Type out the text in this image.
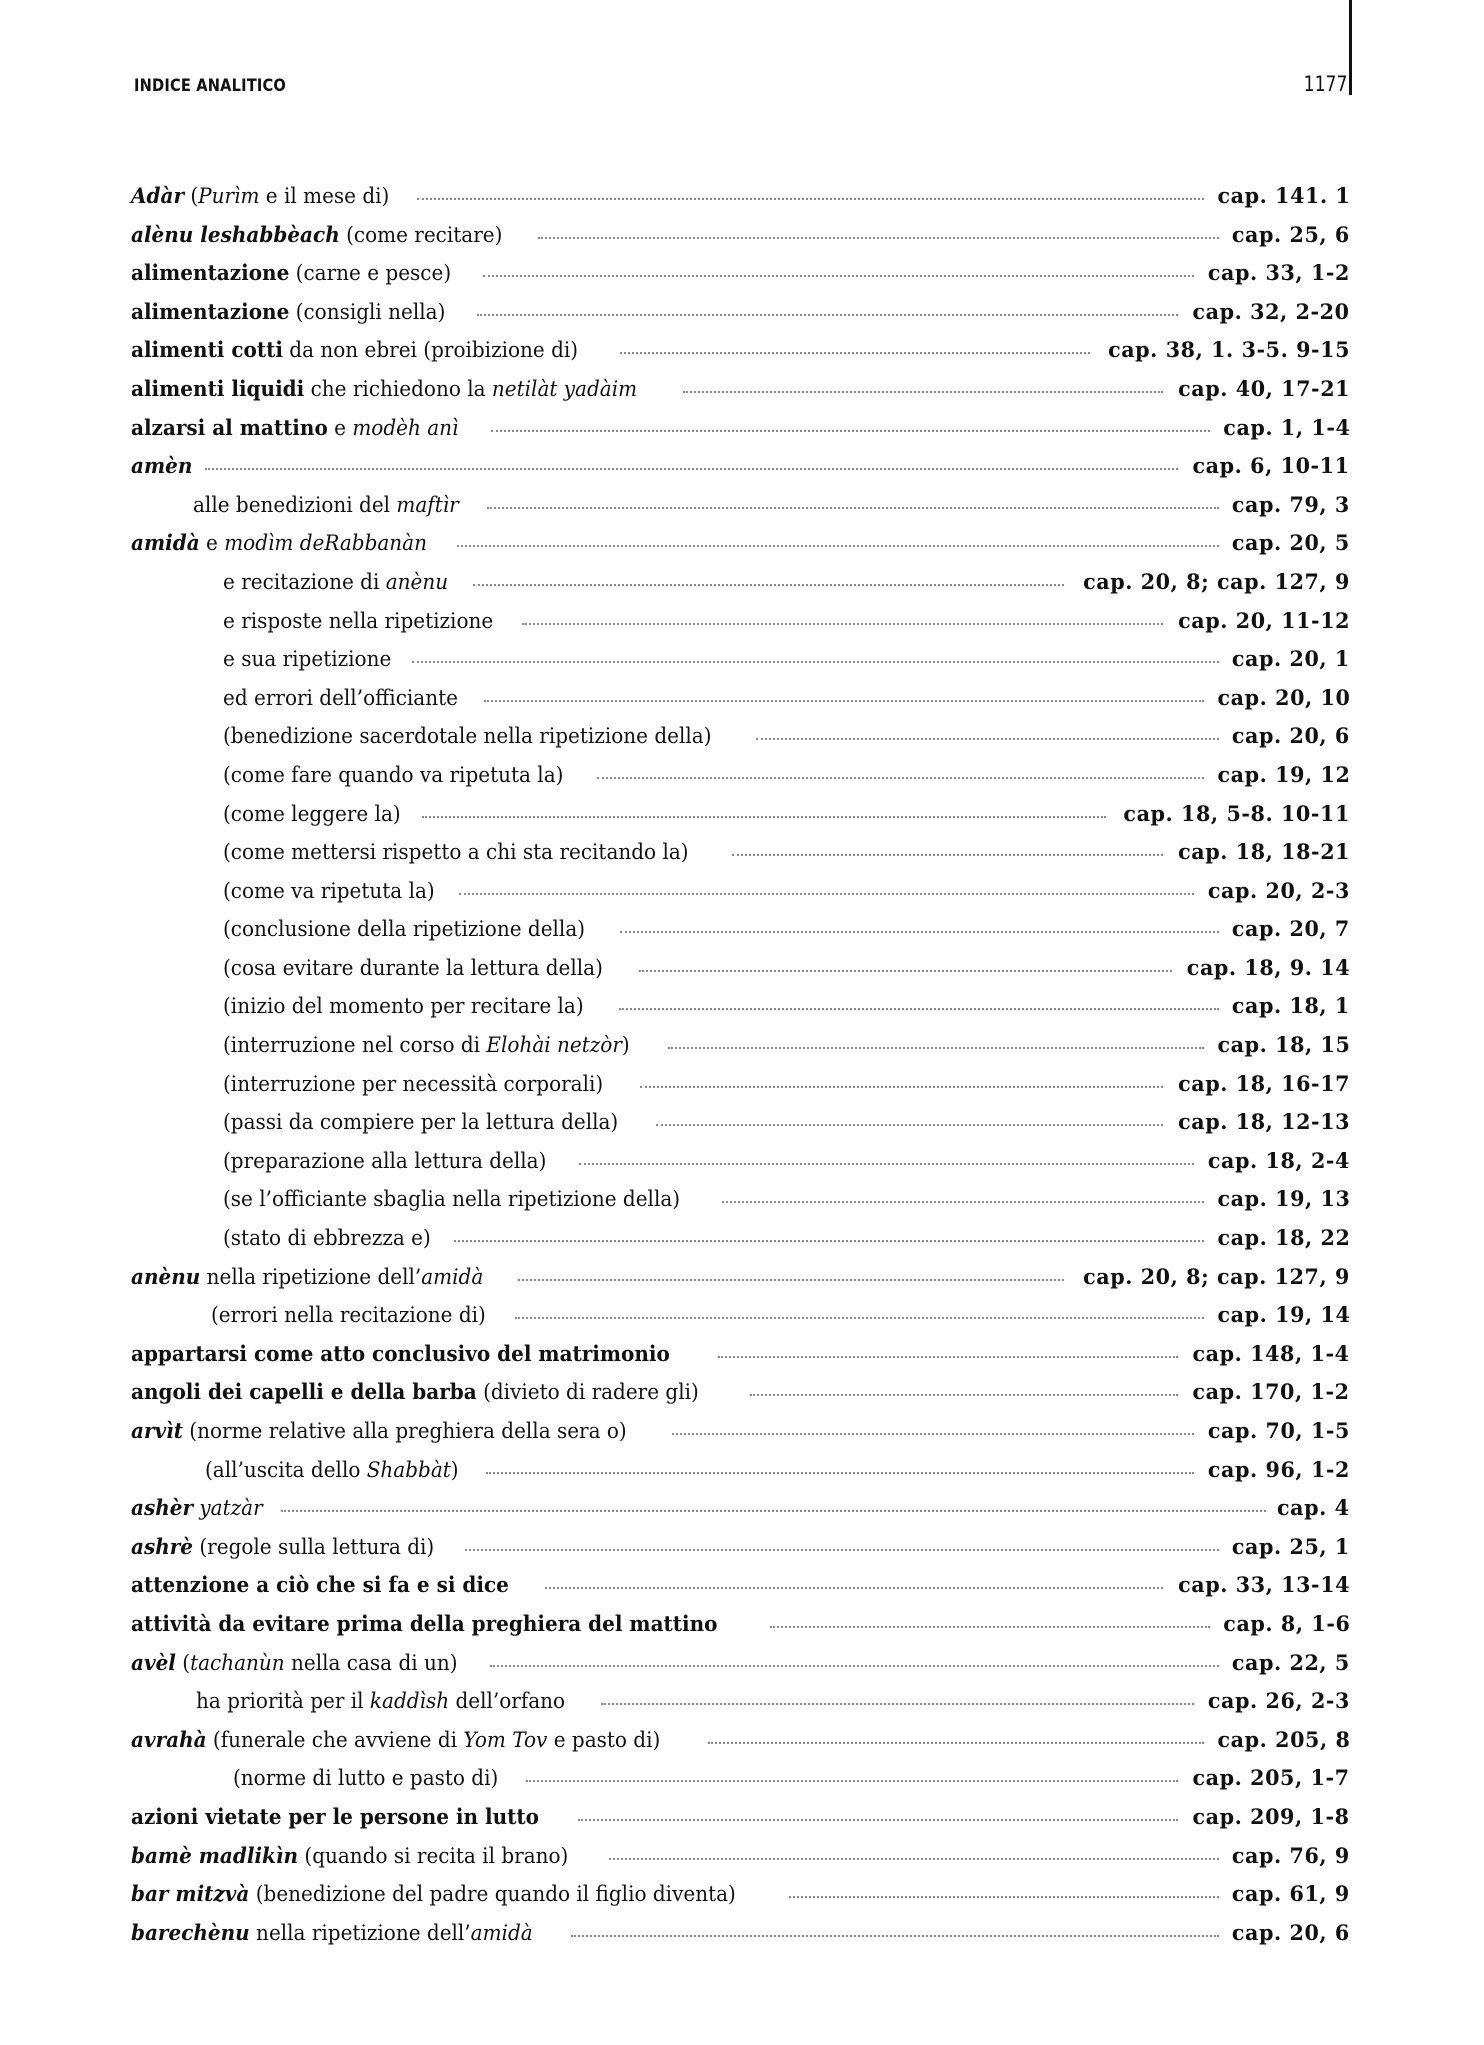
INDICE ANALITICO	1177
Adàr (Purìm e il mese di)	cap. 141. 1
alènu leshabbèach (come recitare)	cap. 25, 6
alimentazione (carne e pesce)	cap. 33, 1-2
alimentazione (consigli nella)	cap. 32, 2-20
alimenti cotti da non ebrei (proibizione di)	cap. 38, 1. 3-5. 9-15
alimenti liquidi che richiedono la netilàt yadàim	cap. 40, 17-21
alzarsi al mattino e modèh anì	cap. 1, 1-4
amèn	cap. 6, 10-11
alle benedizioni del maftìr	cap. 79, 3
amidà e modìm deRabbanàn	cap. 20, 5
e recitazione di anènu	cap. 20, 8; cap. 127, 9
e risposte nella ripetizione	cap. 20, 11-12
e sua ripetizione	cap. 20, 1
ed errori dell’officiante	cap. 20, 10
(benedizione sacerdotale nella ripetizione della)	cap. 20, 6
(come fare quando va ripetuta la)	cap. 19, 12
(come leggere la)	cap. 18, 5-8. 10-11
(come mettersi rispetto a chi sta recitando la)	cap. 18, 18-21
(come va ripetuta la)	cap. 20, 2-3
(conclusione della ripetizione della)	cap. 20, 7
(cosa evitare durante la lettura della)	cap. 18, 9. 14
(inizio del momento per recitare la)	cap. 18, 1
(interruzione nel corso di Elohài netzòr)	cap. 18, 15
(interruzione per necessità corporali)	cap. 18, 16-17
(passi da compiere per la lettura della)	cap. 18, 12-13
(preparazione alla lettura della)	cap. 18, 2-4
(se l’officiante sbaglia nella ripetizione della)	cap. 19, 13
(stato di ebbrezza e)	cap. 18, 22
anènu nella ripetizione dell’amidà	cap. 20, 8; cap. 127, 9
(errori nella recitazione di)	cap. 19, 14
appartarsi come atto conclusivo del matrimonio	cap. 148, 1-4
angoli dei capelli e della barba (divieto di radere gli)	cap. 170, 1-2
arvìt (norme relative alla preghiera della sera o)	cap. 70, 1-5
(all’uscita dello Shabbàt)	cap. 96, 1-2
ashèr yatzàr	cap. 4
ashrè (regole sulla lettura di)	cap. 25, 1
attenzione a ciò che si fa e si dice	cap. 33, 13-14
attività da evitare prima della preghiera del mattino	cap. 8, 1-6
avèl (tachanùn nella casa di un)	cap. 22, 5
ha priorità per il kaddìsh dell’orfano	cap. 26, 2-3
avrahà (funerale che avviene di Yom Tov e pasto di)	cap. 205, 8
(norme di lutto e pasto di)	cap. 205, 1-7
azioni vietate per le persone in lutto	cap. 209, 1-8
bamè madlikìn (quando si recita il brano)	cap. 76, 9
bar mitzvà (benedizione del padre quando il figlio diventa)	cap. 61, 9
barechènu nella ripetizione dell’amidà	cap. 20, 6
